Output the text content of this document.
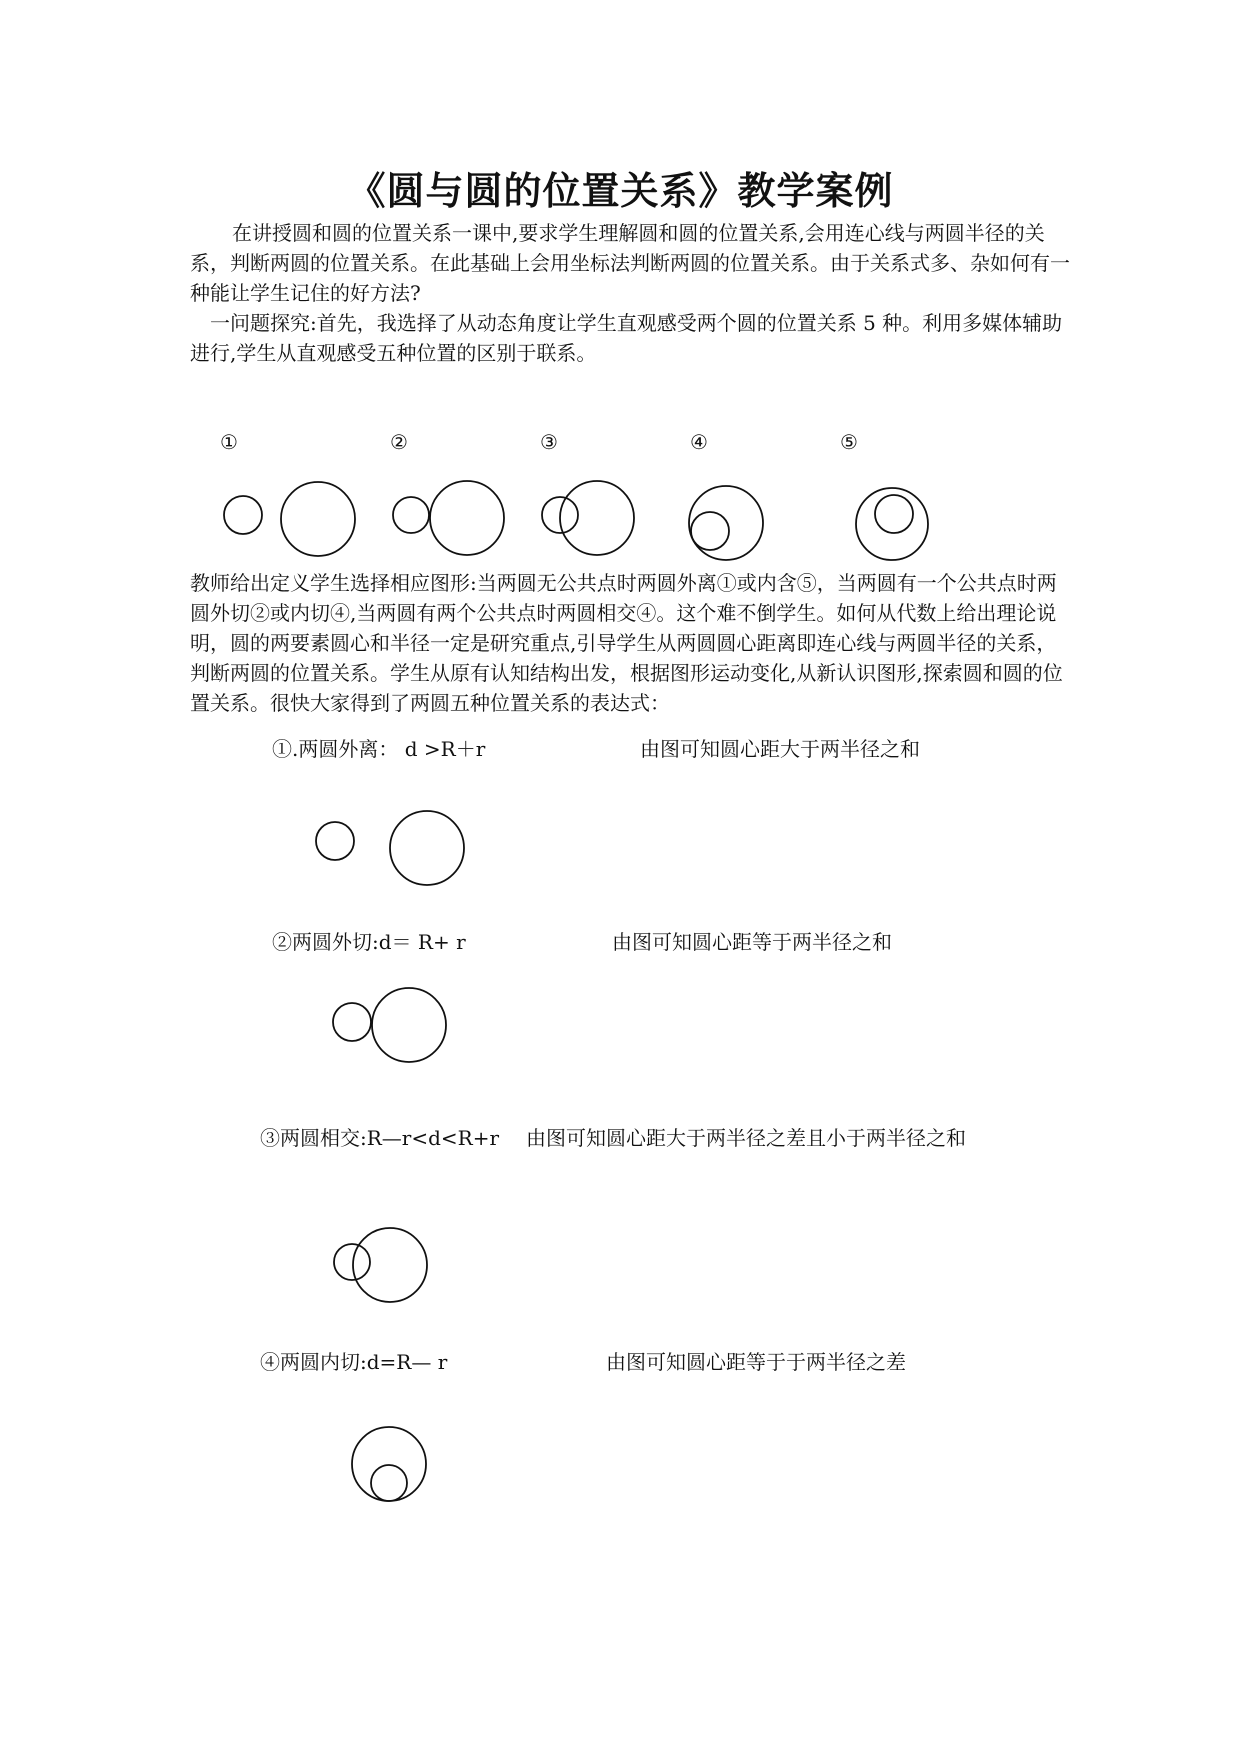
《圆与圆的位置关系》教学案例

在讲授圆和圆的位置关系一课中,要求学生理解圆和圆的位置关系,会用连心线与两圆半径的关系，判断两圆的位置关系。在此基础上会用坐标法判断两圆的位置关系。由于关系式多、杂如何有一种能让学生记住的好方法?

一问题探究:首先，我选择了从动态角度让学生直观感受两个圆的位置关系 5 种。利用多媒体辅助进行,学生从直观感受五种位置的区别于联系。

①	②	③	④	⑤

教师给出定义学生选择相应图形:当两圆无公共点时两圆外离①或内含⑤，当两圆有一个公共点时两圆外切②或内切④,当两圆有两个公共点时两圆相交④。这个难不倒学生。如何从代数上给出理论说明，圆的两要素圆心和半径一定是研究重点,引导学生从两圆圆心距离即连心线与两圆半径的关系，判断两圆的位置关系。学生从原有认知结构出发，根据图形运动变化,从新认识图形,探索圆和圆的位置关系。很快大家得到了两圆五种位置关系的表达式：

①.两圆外离： d >R＋r	由图可知圆心距大于两半径之和
②两圆外切:d＝ R+ r	由图可知圆心距等于两半径之和
③两圆相交:R—r<d<R+r 由图可知圆心距大于两半径之差且小于两半径之和
④两圆内切:d=R— r	由图可知圆心距等于于两半径之差
